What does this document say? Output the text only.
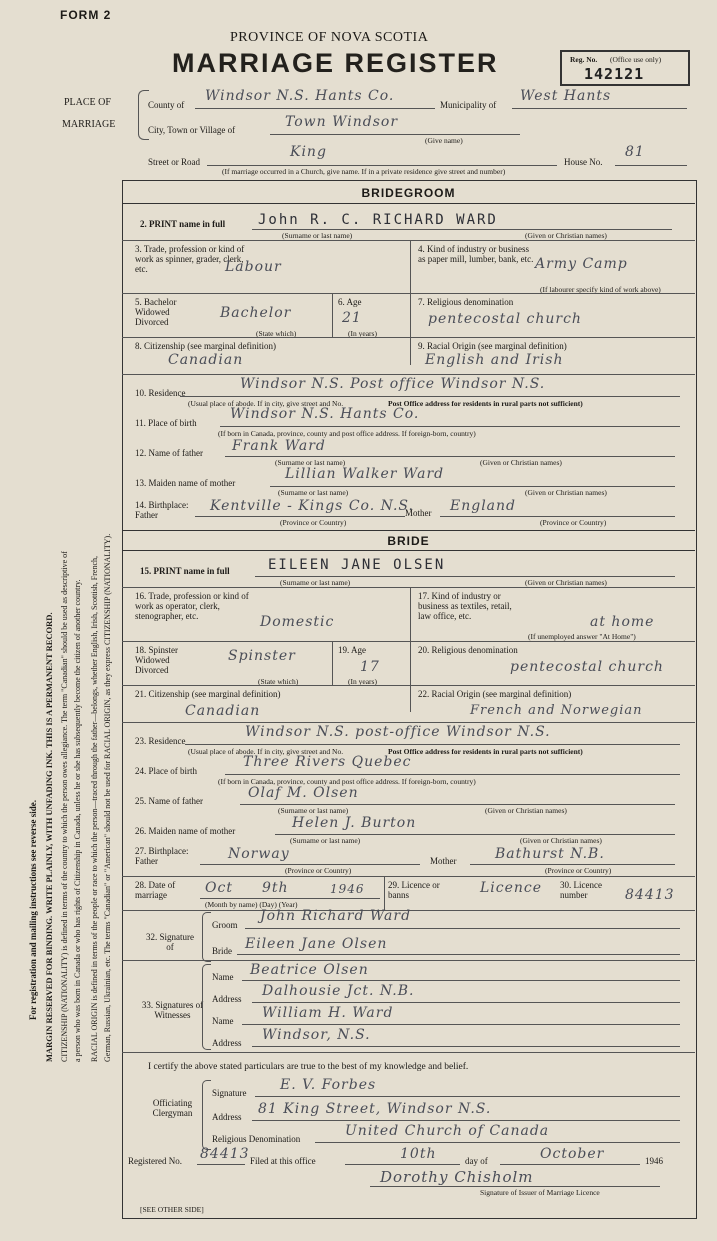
FORM 2
PROVINCE OF NOVA SCOTIA
MARRIAGE REGISTER	Reg. No. (Office use only)
142121
PLACE OF
MARRIAGE
County of
Windsor N.S. Hants Co.
Municipality of
West Hants
City, Town or Village of	Town Windsor
(Give name)
Street or Road
King
House No.
81
(If marriage occurred in a Church, give name. If in a private residence give street and number)
For registration and mailing instructions see reverse side. MARGIN RESERVED FOR BINDING. WRITE PLAINLY, WITH UNFADING INK. THIS IS A PERMANENT RECORD. CITIZENSHIP (NATIONALITY) is defined in terms of the country to which the person owes allegiance. The term "Canadian" should be used as descriptive of a person who was born in Canada or who has rights of Citizenship in Canada, unless he or she has subsequently become the citizen of another country. RACIAL ORIGIN is defined in terms of the people or race to which the person—traced through the father—belongs, whether English, Irish, Scottish, French, German, Russian, Ukrainian, etc. The terms "Canadian" or "American" should not be used for RACIAL ORIGIN, as they express CITIZENSHIP (NATIONALITY).
BRIDEGROOM
2. PRINT name in full John R. C. RICHARD WARD
(Surname or last name)	(Given or Christian names)
3. Trade, profession or kind of work as spinner, grader, clerk, etc.	Labour
4. Kind of industry or business as paper mill, lumber, bank, etc. Army Camp
(If labourer specify kind of work above)
5. Bachelor Widowed Divorced
Bachelor
(State which)
6. Age
21
(In years)
7. Religious denomination
pentecostal church
8. Citizenship (see marginal definition)
Canadian
9. Racial Origin (see marginal definition)
English and Irish
10. Residence
Windsor N.S. Post office Windsor N.S.
(Usual place of abode. If in city, give street and No.	Post Office address for residents in rural parts not sufficient)
11. Place of birth
Windsor N.S. Hants Co.
(If born in Canada, province, county and post office address. If foreign-born, country)
12. Name of father Frank Ward
(Surname or last name)	(Given or Christian names)
13. Maiden name of mother
Lillian Walker Ward
(Surname or last name)	(Given or Christian names)
14. Birthplace: Father
Kentville - Kings Co. N.S.
(Province or Country)
Mother England
(Province or Country)
BRIDE
15. PRINT name in full	EILEEN JANE OLSEN
(Surname or last name)	(Given or Christian names)
16. Trade, profession or kind of work as operator, clerk, stenographer, etc.	Domestic
17. Kind of industry or business as textiles, retail, law office, etc.	at home
(If unemployed answer "At Home")
18. Spinster Widowed Divorced
Spinster
(State which)
19. Age
17
(In years)
20. Religious denomination
pentecostal church
21. Citizenship (see marginal definition)
Canadian
22. Racial Origin (see marginal definition)
French and Norwegian
23. Residence
Windsor N.S. post-office Windsor N.S.
(Usual place of abode. If in city, give street and No.	Post Office address for residents in rural parts not sufficient)
24. Place of birth
Three Rivers Quebec
(If born in Canada, province, county and post office address. If foreign-born, country)
25. Name of father	Olaf M. Olsen
(Surname or last name)	(Given or Christian names)
26. Maiden name of mother	Helen J. Burton
(Surname or last name)	(Given or Christian names)
27. Birthplace: Father	Norway
(Province or Country)
Mother	Bathurst N.B.
(Province or Country)
28. Date of marriage	Oct 9th	1946
(Month by name) (Day) (Year)
29. Licence or banns	Licence 30. Licence number	84413
32. Signature of
Groom
John Richard Ward
Bride Eileen Jane Olsen
33. Signatures of Witnesses
Name Beatrice Olsen
Address Dalhousie Jct. N.B.
Name William H. Ward
Address Windsor, N.S.
I certify the above stated particulars are true to the best of my knowledge and belief.
Officiating Clergyman
Signature E. V. Forbes
Address 81 King Street, Windsor N.S.
Religious Denomination	United Church of Canada
Registered No. 84413 Filed at this office	10th	day of	October	1946
Dorothy Chisholm
Signature of Issuer of Marriage Licence
[SEE OTHER SIDE]
